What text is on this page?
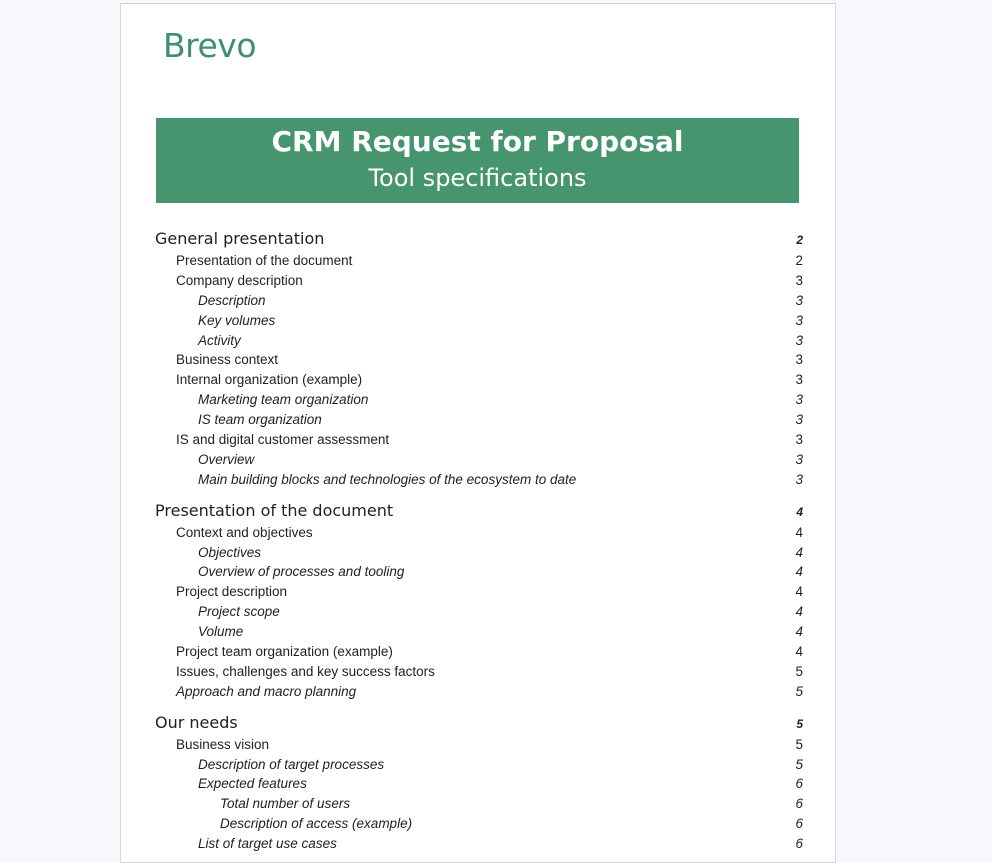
Brevo
CRM Request for Proposal
Tool specifications
General presentation	2
Presentation of the document	2
Company description	3
Description	3
Key volumes	3
Activity	3
Business context	3
Internal organization (example)	3
Marketing team organization	3
IS team organization	3
IS and digital customer assessment	3
Overview	3
Main building blocks and technologies of the ecosystem to date	3
Presentation of the document	4
Context and objectives	4
Objectives	4
Overview of processes and tooling	4
Project description	4
Project scope	4
Volume	4
Project team organization (example)	4
Issues, challenges and key success factors	5
Approach and macro planning	5
Our needs	5
Business vision	5
Description of target processes	5
Expected features	6
Total number of users	6
Description of access (example)	6
List of target use cases	6
